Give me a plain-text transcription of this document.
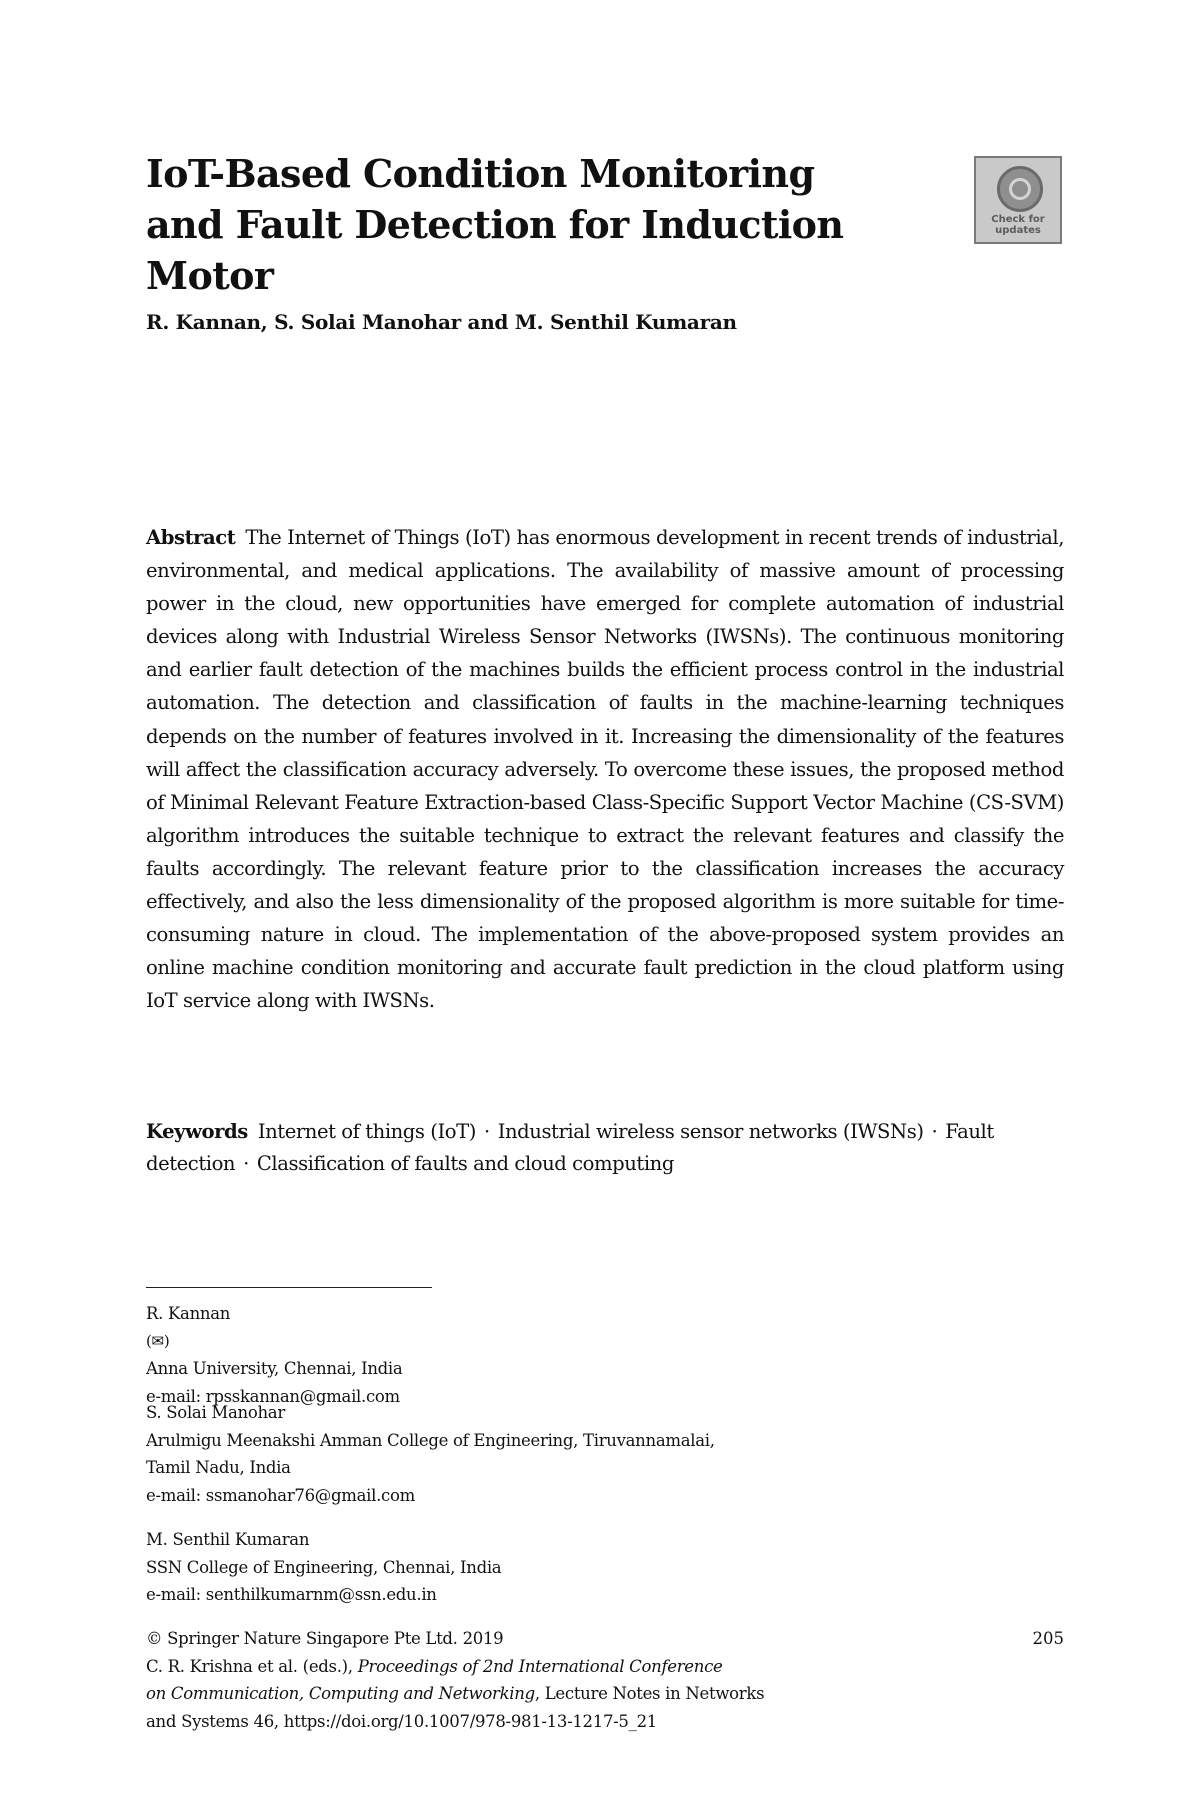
IoT-Based Condition Monitoring
and Fault Detection for Induction Motor
Check for
updates

R. Kannan, S. Solai Manohar and M. Senthil Kumaran

Abstract The Internet of Things (IoT) has enormous development in recent trends of industrial, environmental, and medical applications. The availability of massive amount of processing power in the cloud, new opportunities have emerged for complete automation of industrial devices along with Industrial Wireless Sensor Networks (IWSNs). The continuous monitoring and earlier fault detection of the machines builds the efficient process control in the industrial automation. The detection and classification of faults in the machine-learning techniques depends on the number of features involved in it. Increasing the dimensionality of the features will affect the classification accuracy adversely. To overcome these issues, the proposed method of Minimal Relevant Feature Extraction-based Class-Specific Support Vector Machine (CS-SVM) algorithm introduces the suitable technique to extract the relevant features and classify the faults accordingly. The relevant feature prior to the classification increases the accuracy effectively, and also the less dimensionality of the proposed algorithm is more suitable for time-consuming nature in cloud. The implementation of the above-proposed system provides an online machine condition monitoring and accurate fault prediction in the cloud platform using IoT service along with IWSNs.

Keywords Internet of things (IoT) · Industrial wireless sensor networks (IWSNs) · Fault detection · Classification of faults and cloud computing

R. Kannan
(✉)
Anna University, Chennai, India
e-mail: rpsskannan@gmail.com

S. Solai Manohar
Arulmigu Meenakshi Amman College of Engineering, Tiruvannamalai,
Tamil Nadu, India
e-mail: ssmanohar76@gmail.com

M. Senthil Kumaran
SSN College of Engineering, Chennai, India
e-mail: senthilkumarnm@ssn.edu.in

© Springer Nature Singapore Pte Ltd. 2019
C. R. Krishna et al. (eds.), Proceedings of 2nd International Conference
on Communication, Computing and Networking, Lecture Notes in Networks
and Systems 46, https://doi.org/10.1007/978-981-13-1217-5_21

205
